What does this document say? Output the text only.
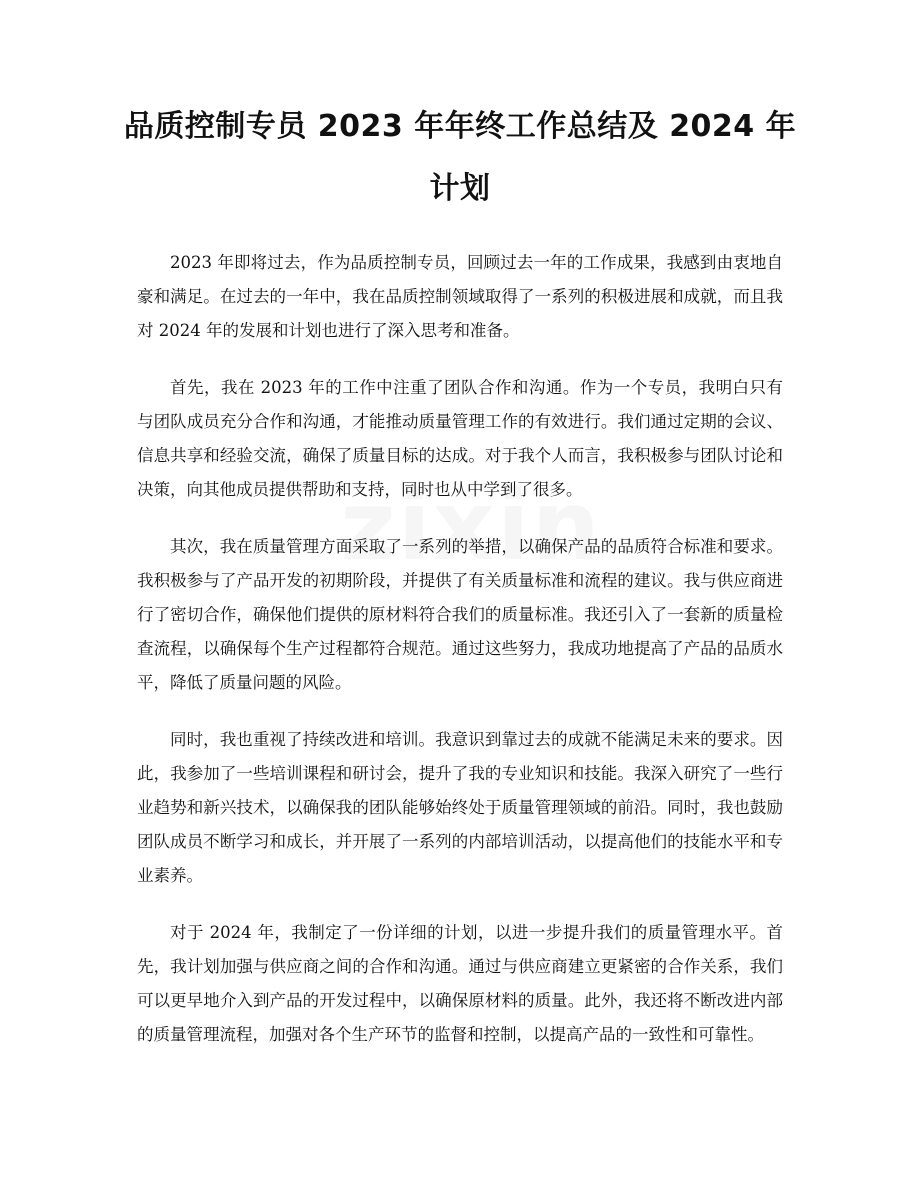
品质控制专员 2023 年年终工作总结及 2024 年计划

2023 年即将过去，作为品质控制专员，回顾过去一年的工作成果，我感到由衷地自豪和满足。在过去的一年中，我在品质控制领域取得了一系列的积极进展和成就，而且我对 2024 年的发展和计划也进行了深入思考和准备。

首先，我在 2023 年的工作中注重了团队合作和沟通。作为一个专员，我明白只有与团队成员充分合作和沟通，才能推动质量管理工作的有效进行。我们通过定期的会议、信息共享和经验交流，确保了质量目标的达成。对于我个人而言，我积极参与团队讨论和决策，向其他成员提供帮助和支持，同时也从中学到了很多。

其次，我在质量管理方面采取了一系列的举措，以确保产品的品质符合标准和要求。我积极参与了产品开发的初期阶段，并提供了有关质量标准和流程的建议。我与供应商进行了密切合作，确保他们提供的原材料符合我们的质量标准。我还引入了一套新的质量检查流程，以确保每个生产过程都符合规范。通过这些努力，我成功地提高了产品的品质水平，降低了质量问题的风险。

同时，我也重视了持续改进和培训。我意识到靠过去的成就不能满足未来的要求。因此，我参加了一些培训课程和研讨会，提升了我的专业知识和技能。我深入研究了一些行业趋势和新兴技术，以确保我的团队能够始终处于质量管理领域的前沿。同时，我也鼓励团队成员不断学习和成长，并开展了一系列的内部培训活动，以提高他们的技能水平和专业素养。

对于 2024 年，我制定了一份详细的计划，以进一步提升我们的质量管理水平。首先，我计划加强与供应商之间的合作和沟通。通过与供应商建立更紧密的合作关系，我们可以更早地介入到产品的开发过程中，以确保原材料的质量。此外，我还将不断改进内部的质量管理流程，加强对各个生产环节的监督和控制，以提高产品的一致性和可靠性。
